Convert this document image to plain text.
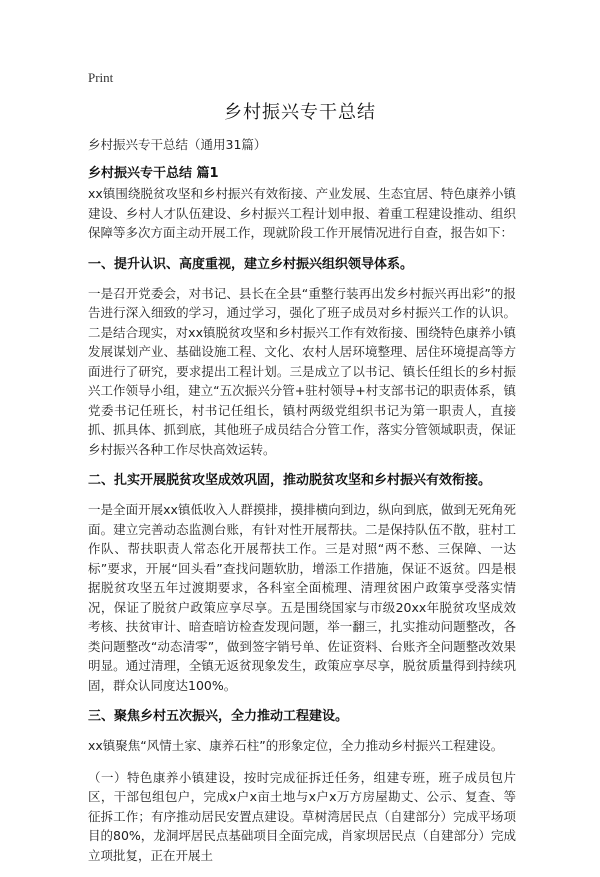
Print
乡村振兴专干总结
乡村振兴专干总结（通用31篇）
乡村振兴专干总结 篇1

xx镇围绕脱贫攻坚和乡村振兴有效衔接、产业发展、生态宜居、特色康养小镇建设、乡村人才队伍建设、乡村振兴工程计划申报、着重工程建设推动、组织保障等多次方面主动开展工作，现就阶段工作开展情况进行自查，报告如下：

一、提升认识、高度重视，建立乡村振兴组织领导体系。

一是召开党委会，对书记、县长在全县“重整行装再出发乡村振兴再出彩”的报告进行深入细致的学习，通过学习，强化了班子成员对乡村振兴工作的认识。二是结合现实，对xx镇脱贫攻坚和乡村振兴工作有效衔接、围绕特色康养小镇发展谋划产业、基础设施工程、文化、农村人居环境整理、居住环境提高等方面进行了研究，要求提出工程计划。三是成立了以书记、镇长任组长的乡村振兴工作领导小组，建立“五次振兴分管+驻村领导+村支部书记的职责体系，镇党委书记任班长，村书记任组长，镇村两级党组织书记为第一职责人，直接抓、抓具体、抓到底，其他班子成员结合分管工作，落实分管领域职责，保证乡村振兴各种工作尽快高效运转。

二、扎实开展脱贫攻坚成效巩固，推动脱贫攻坚和乡村振兴有效衔接。

一是全面开展xx镇低收入人群摸排，摸排横向到边，纵向到底，做到无死角死面。建立完善动态监测台账，有针对性开展帮扶。二是保持队伍不散，驻村工作队、帮扶职责人常态化开展帮扶工作。三是对照“两不愁、三保障、一达标”要求，开展“回头看”查找问题软肋，增添工作措施，保证不返贫。四是根据脱贫攻坚五年过渡期要求，各科室全面梳理、清理贫困户政策享受落实情况，保证了脱贫户政策应享尽享。五是围绕国家与市级20xx年脱贫攻坚成效考核、扶贫审计、暗查暗访检查发现问题，举一翻三，扎实推动问题整改，各类问题整改“动态清零”，做到签字销号单、佐证资料、台账齐全问题整改效果明显。通过清理，全镇无返贫现象发生，政策应享尽享，脱贫质量得到持续巩固，群众认同度达100%。

三、聚焦乡村五次振兴，全力推动工程建设。

xx镇聚焦“风情土家、康养石柱”的形象定位，全力推动乡村振兴工程建设。

（一）特色康养小镇建设，按时完成征拆迁任务，组建专班，班子成员包片区，干部包组包户，完成x户x亩土地与x户x万方房屋勘丈、公示、复查、等征拆工作；有序推动居民安置点建设。草树湾居民点（自建部分）完成平场项目的80%，龙洞坪居民点基础项目全面完成，肖家坝居民点（自建部分）完成立项批复，正在开展土
